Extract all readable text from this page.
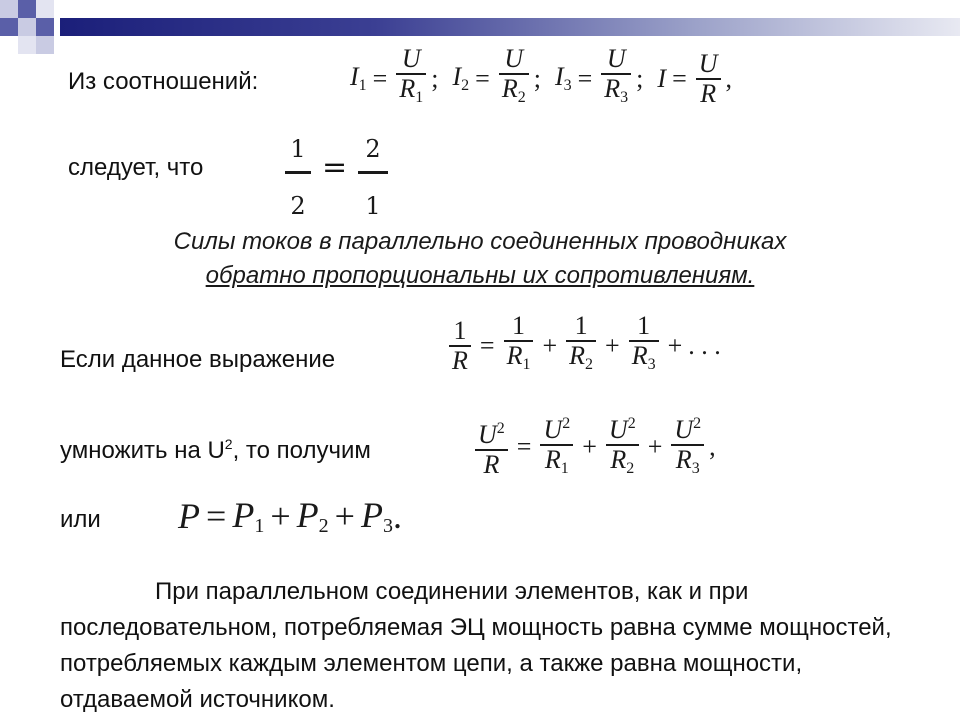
Из соотношений:	$I_1 = \frac{U}{R_1}$ ; $I_2 = \frac{U}{R_2}$ ; $I_3 = \frac{U}{R_3}$ ; $I = \frac{U}{R}$ ,
следует, что
1
2
=
2
1
Силы токов в параллельно соединенных проводниках
обратно пропорциональны их сопротивлениям.
Если данное выражение	$\frac{1}{R} = \frac{1}{R_1} + \frac{1}{R_2} + \frac{1}{R_3}$ + . . .
умножить на $U^2$, то получим	$\frac{U^2}{R} = \frac{U^2}{R_1} + \frac{U^2}{R_2} + \frac{U^2}{R_3}$ ,
или $P = P_1 + P_2 + P_3$ .
При параллельном соединении элементов, как и при последовательном, потребляемая ЭЦ мощность равна сумме мощностей, потребляемых каждым элементом цепи, а также равна мощности, отдаваемой источником.
